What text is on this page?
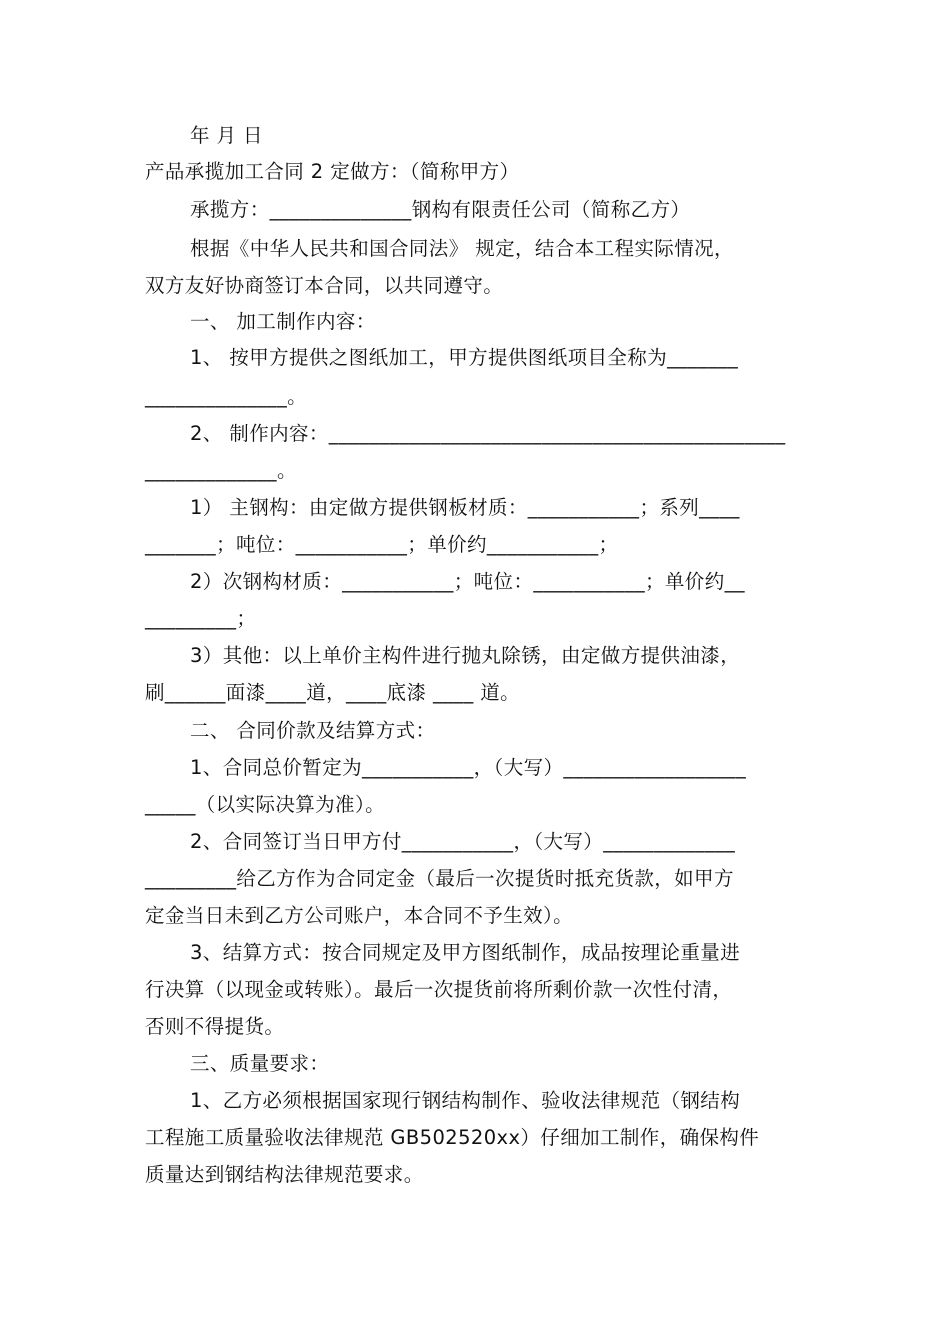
年 月 日
产品承揽加工合同 2 定做方：（简称甲方）
承揽方：______________钢构有限责任公司（简称乙方）
根据《中华人民共和国合同法》 规定，结合本工程实际情况，
双方友好协商签订本合同，以共同遵守。
一、 加工制作内容：
1、 按甲方提供之图纸加工，甲方提供图纸项目全称为_______
______________。
2、 制作内容：_____________________________________________
_____________。
1） 主钢构：由定做方提供钢板材质：___________；系列____
_______；吨位：___________；单价约___________；
2）次钢构材质：___________；吨位：___________；单价约__
_________；
3）其他：以上单价主构件进行抛丸除锈，由定做方提供油漆，
刷______面漆____道，____底漆 ____ 道。
二、 合同价款及结算方式：
1、合同总价暂定为___________，（大写）__________________
_____（以实际决算为准）。
2、合同签订当日甲方付___________，（大写）_____________
_________给乙方作为合同定金（最后一次提货时抵充货款，如甲方
定金当日未到乙方公司账户，本合同不予生效）。
3、结算方式：按合同规定及甲方图纸制作，成品按理论重量进
行决算（以现金或转账）。最后一次提货前将所剩价款一次性付清，
否则不得提货。
三、质量要求：
1、乙方必须根据国家现行钢结构制作、验收法律规范（钢结构
工程施工质量验收法律规范 GB502520xx）仔细加工制作，确保构件
质量达到钢结构法律规范要求。
